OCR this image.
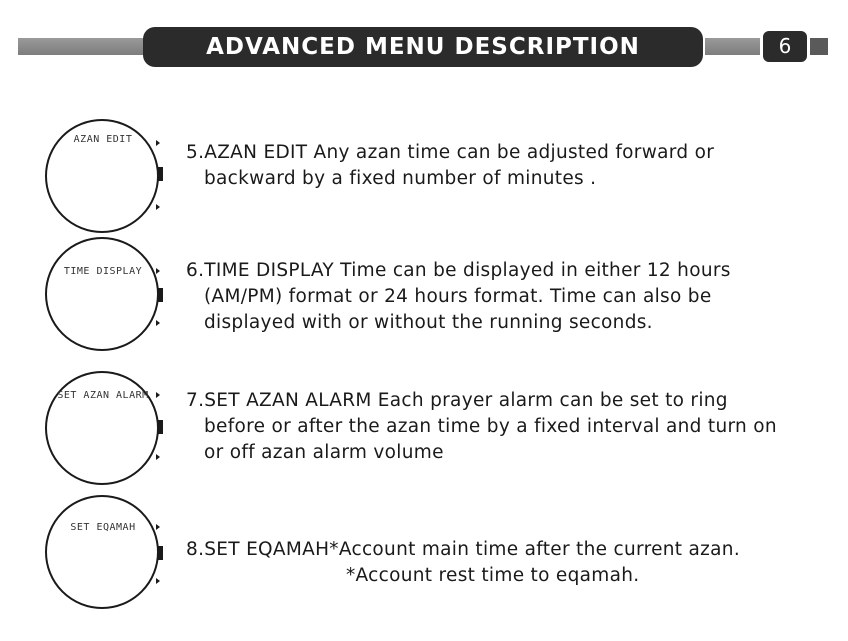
ADVANCED MENU DESCRIPTION	6
AZAN EDIT
5.AZAN EDIT Any azan time can be adjusted forward or
backward by a fixed number of minutes .
TIME DISPLAY	6.TIME DISPLAY Time can be displayed in either 12 hours
(AM/PM) format or 24 hours format. Time can also be
displayed with or without the running seconds.
SET AZAN ALARM	7.SET AZAN ALARM Each prayer alarm can be set to ring
before or after the azan time by a fixed interval and turn on
or off azan alarm volume
SET EQAMAH
8.SET EQAMAH*Account main time after the current azan.
*Account rest time to eqamah.
